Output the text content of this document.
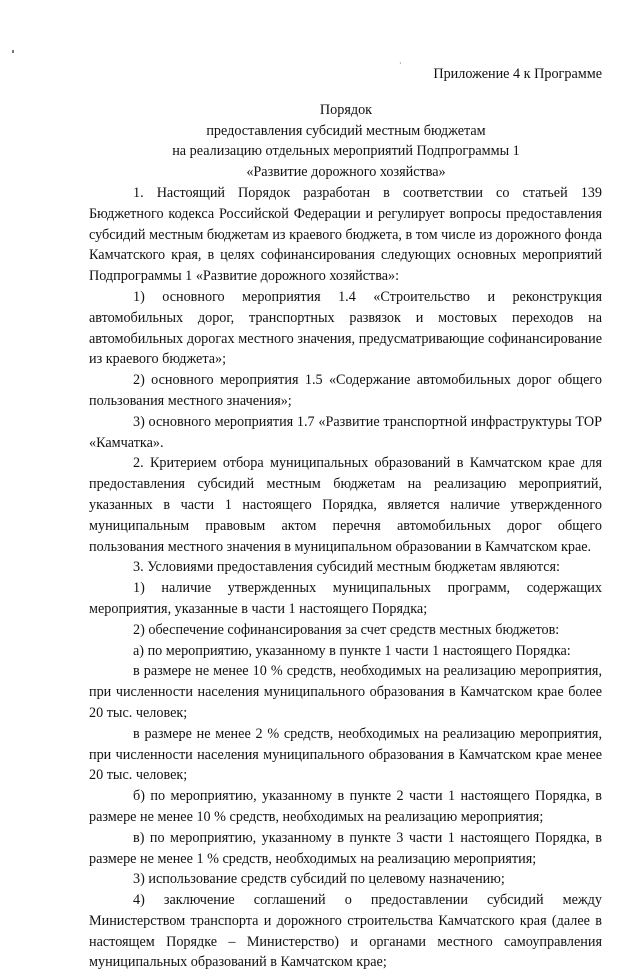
·
Приложение 4 к Программе
Порядок
предоставления субсидий местным бюджетам
на реализацию отдельных мероприятий Подпрограммы 1
«Развитие дорожного хозяйства»

1. Настоящий Порядок разработан в соответствии со статьей 139 Бюджетного кодекса Российской Федерации и регулирует вопросы предоставления субсидий местным бюджетам из краевого бюджета, в том числе из дорожного фонда Камчатского края, в целях софинансирования следующих основных мероприятий Подпрограммы 1 «Развитие дорожного хозяйства»:

1) основного мероприятия 1.4 «Строительство и реконструкция автомобильных дорог, транспортных развязок и мостовых переходов на автомобильных дорогах местного значения, предусматривающие софинансирование из краевого бюджета»;

2) основного мероприятия 1.5 «Содержание автомобильных дорог общего пользования местного значения»;

3) основного мероприятия 1.7 «Развитие транспортной инфраструктуры ТОР «Камчатка».

2. Критерием отбора муниципальных образований в Камчатском крае для предоставления субсидий местным бюджетам на реализацию мероприятий, указанных в части 1 настоящего Порядка, является наличие утвержденного муниципальным правовым актом перечня автомобильных дорог общего пользования местного значения в муниципальном образовании в Камчатском крае.

3. Условиями предоставления субсидий местным бюджетам являются:

1) наличие утвержденных муниципальных программ, содержащих мероприятия, указанные в части 1 настоящего Порядка;

2) обеспечение софинансирования за счет средств местных бюджетов:

а) по мероприятию, указанному в пункте 1 части 1 настоящего Порядка:

в размере не менее 10 % средств, необходимых на реализацию мероприятия, при численности населения муниципального образования в Камчатском крае более 20 тыс. человек;

в размере не менее 2 % средств, необходимых на реализацию мероприятия, при численности населения муниципального образования в Камчатском крае менее 20 тыс. человек;

б) по мероприятию, указанному в пункте 2 части 1 настоящего Порядка, в размере не менее 10 % средств, необходимых на реализацию мероприятия;

в) по мероприятию, указанному в пункте 3 части 1 настоящего Порядка, в размере не менее 1 % средств, необходимых на реализацию мероприятия;

3) использование средств субсидий по целевому назначению;

4) заключение соглашений о предоставлении субсидий между Министерством транспорта и дорожного строительства Камчатского края (далее в настоящем Порядке – Министерство) и органами местного самоуправления муниципальных образований в Камчатском крае;
